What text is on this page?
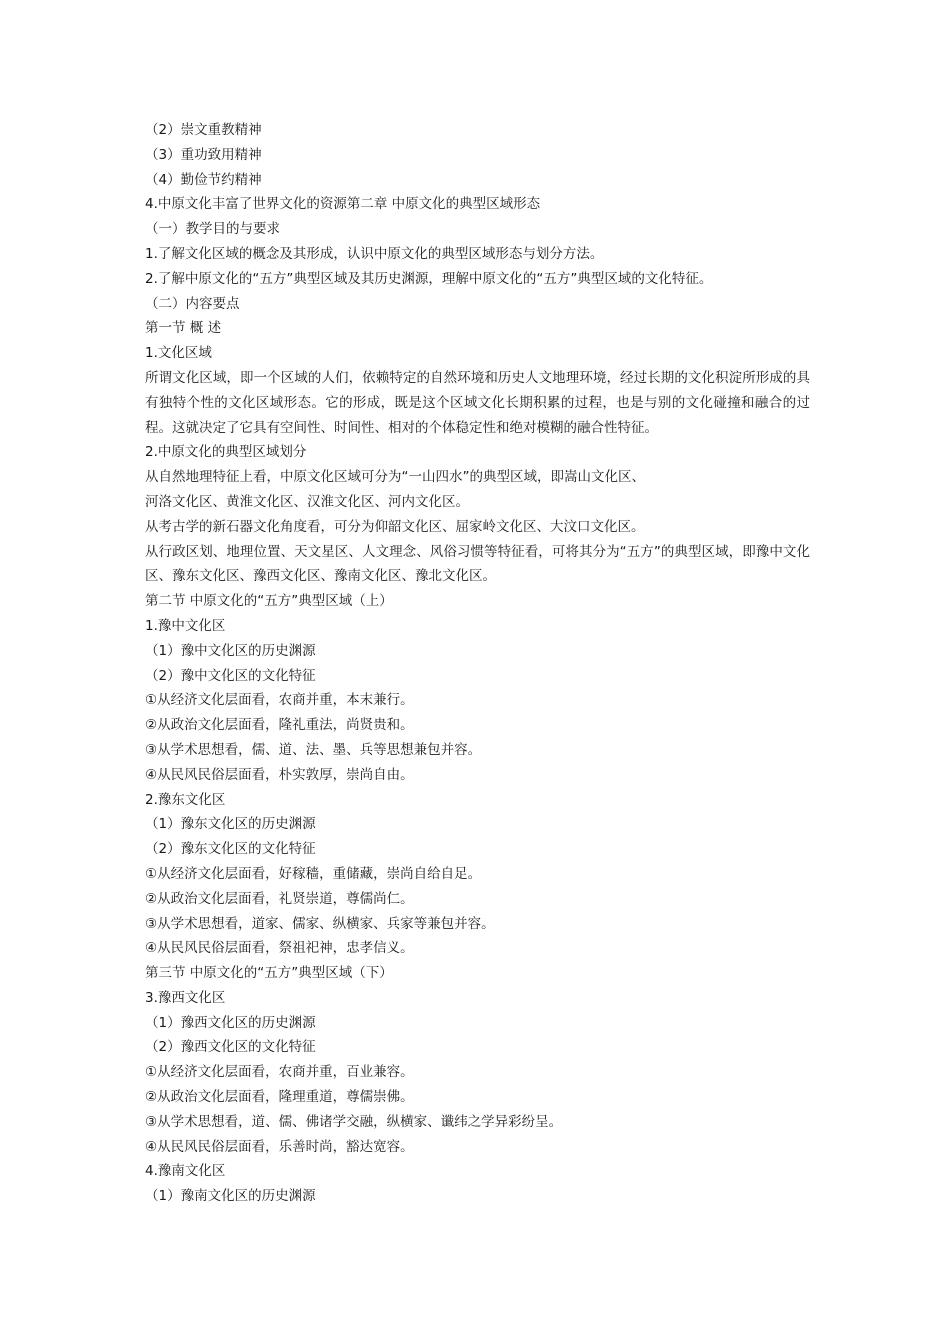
（2）崇文重教精神
（3）重功致用精神
（4）勤俭节约精神
4.中原文化丰富了世界文化的资源第二章 中原文化的典型区域形态
（一）教学目的与要求
1.了解文化区域的概念及其形成，认识中原文化的典型区域形态与划分方法。
2.了解中原文化的“五方”典型区域及其历史渊源，理解中原文化的“五方”典型区域的文化特征。
（二）内容要点
第一节 概 述
1.文化区域
所谓文化区域，即一个区域的人们，依赖特定的自然环境和历史人文地理环境，经过长期的文化积淀所形成的具有独特个性的文化区域形态。它的形成，既是这个区域文化长期积累的过程，也是与别的文化碰撞和融合的过程。这就决定了它具有空间性、时间性、相对的个体稳定性和绝对模糊的融合性特征。
2.中原文化的典型区域划分
从自然地理特征上看，中原文化区域可分为“一山四水”的典型区域，即嵩山文化区、
河洛文化区、黄淮文化区、汉淮文化区、河内文化区。
从考古学的新石器文化角度看，可分为仰韶文化区、屈家岭文化区、大汶口文化区。
从行政区划、地理位置、天文星区、人文理念、风俗习惯等特征看，可将其分为“五方”的典型区域，即豫中文化区、豫东文化区、豫西文化区、豫南文化区、豫北文化区。
第二节 中原文化的“五方”典型区域（上）
1.豫中文化区
（1）豫中文化区的历史渊源
（2）豫中文化区的文化特征
①从经济文化层面看，农商并重，本末兼行。
②从政治文化层面看，隆礼重法，尚贤贵和。
③从学术思想看，儒、道、法、墨、兵等思想兼包并容。
④从民风民俗层面看，朴实敦厚，崇尚自由。
2.豫东文化区
（1）豫东文化区的历史渊源
（2）豫东文化区的文化特征
①从经济文化层面看，好稼穑，重储藏，崇尚自给自足。
②从政治文化层面看，礼贤崇道，尊儒尚仁。
③从学术思想看，道家、儒家、纵横家、兵家等兼包并容。
④从民风民俗层面看，祭祖祀神，忠孝信义。
第三节 中原文化的“五方”典型区域（下）
3.豫西文化区
（1）豫西文化区的历史渊源
（2）豫西文化区的文化特征
①从经济文化层面看，农商并重，百业兼容。
②从政治文化层面看，隆理重道，尊儒崇佛。
③从学术思想看，道、儒、佛诸学交融，纵横家、谶纬之学异彩纷呈。
④从民风民俗层面看，乐善时尚，豁达宽容。
4.豫南文化区
（1）豫南文化区的历史渊源
